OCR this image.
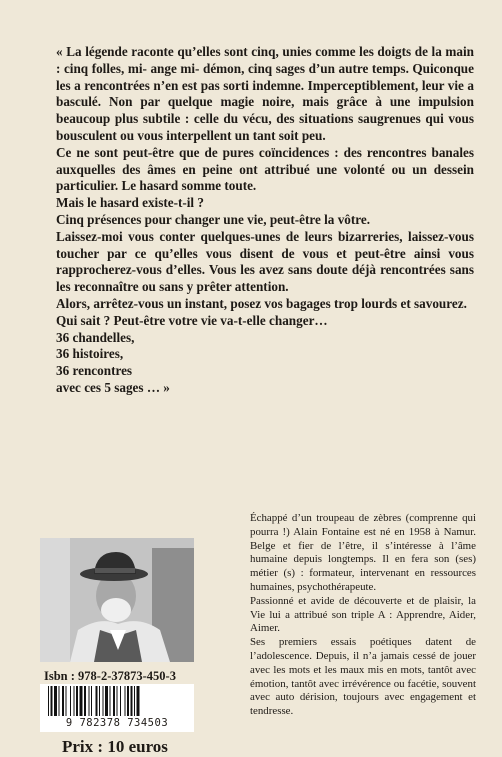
« La légende raconte qu’elles sont cinq, unies comme les doigts de la main : cinq folles, mi- ange mi- démon, cinq sages d’un autre temps. Quiconque les a rencontrées n’en est pas sorti indemne. Imperceptiblement, leur vie a basculé. Non par quelque magie noire, mais grâce à une impulsion beaucoup plus subtile : celle du vécu, des situations saugrenues qui vous bousculent ou vous interpellent un tant soit peu.

Ce ne sont peut-être que de pures coïncidences : des rencontres banales auxquelles des âmes en peine ont attribué une volonté ou un dessein particulier. Le hasard somme toute.

Mais le hasard existe-t-il ?

Cinq présences pour changer une vie, peut-être la vôtre.

Laissez-moi vous conter quelques-unes de leurs bizarreries, laissez-vous toucher par ce qu’elles vous disent de vous et peut-être ainsi vous rapprocherez-vous d’elles. Vous les avez sans doute déjà rencontrées sans les reconnaître ou sans y prêter attention.

Alors, arrêtez-vous un instant, posez vos bagages trop lourds et savourez.

Qui sait ? Peut-être votre vie va-t-elle changer…

36 chandelles,

36 histoires,

36 rencontres

avec ces 5 sages … »

Isbn : 978-2-37873-450-3
9 782378 734503
Prix : 10 euros

Échappé d’un troupeau de zèbres (comprenne qui pourra !) Alain Fontaine est né en 1958 à Namur. Belge et fier de l’être, il s’intéresse à l’âme humaine depuis longtemps. Il en fera son (ses) métier (s) : formateur, intervenant en ressources humaines, psychothérapeute.

Passionné et avide de découverte et de plaisir, la Vie lui a attribué son triple A : Apprendre, Aider, Aimer.

Ses premiers essais poétiques datent de l’adolescence. Depuis, il n’a jamais cessé de jouer avec les mots et les maux mis en mots, tantôt avec émotion, tantôt avec irrévérence ou facétie, souvent avec auto dérision, toujours avec engagement et tendresse.
